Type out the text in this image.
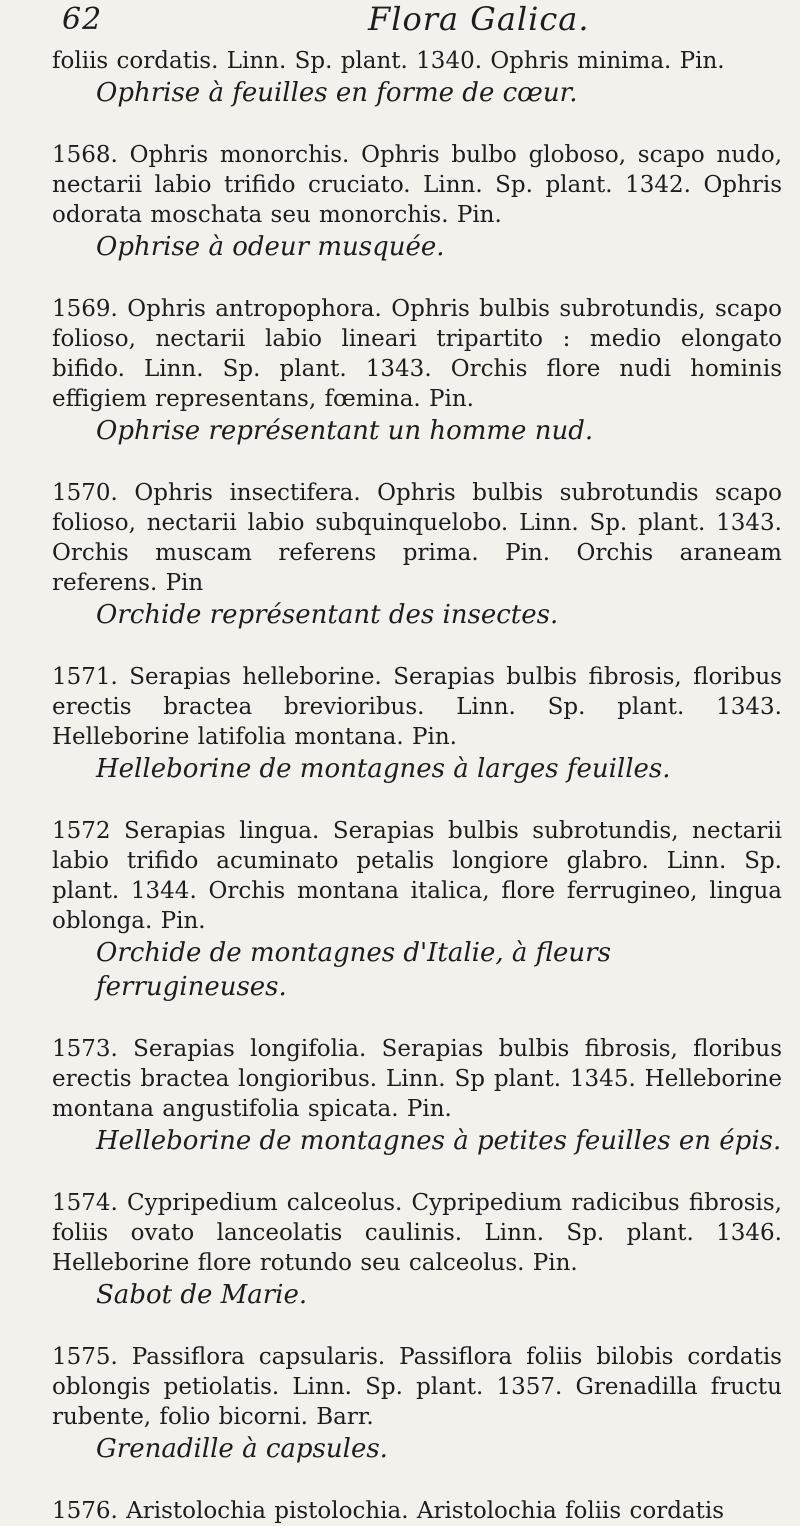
62	Flora Galica.

foliis cordatis. Linn. Sp. plant. 1340. Ophris minima. Pin.

Ophrise à feuilles en forme de cœur.

1568. Ophris monorchis. Ophris bulbo globoso, scapo nudo, nectarii labio trifido cruciato. Linn. Sp. plant. 1342. Ophris odorata moschata seu monorchis. Pin.

Ophrise à odeur musquée.

1569. Ophris antropophora. Ophris bulbis subrotundis, scapo folioso, nectarii labio lineari tripartito : medio elongato bifido. Linn. Sp. plant. 1343. Orchis flore nudi hominis effigiem representans, fœmina. Pin.

Ophrise représentant un homme nud.

1570. Ophris insectifera. Ophris bulbis subrotundis scapo folioso, nectarii labio subquinquelobo. Linn. Sp. plant. 1343. Orchis muscam referens prima. Pin. Orchis araneam referens. Pin

Orchide représentant des insectes.

1571. Serapias helleborine. Serapias bulbis fibrosis, floribus erectis bractea brevioribus. Linn. Sp. plant. 1343. Helleborine latifolia montana. Pin.

Helleborine de montagnes à larges feuilles.

1572 Serapias lingua. Serapias bulbis subrotundis, nectarii labio trifido acuminato petalis longiore glabro. Linn. Sp. plant. 1344. Orchis montana italica, flore ferrugineo, lingua oblonga. Pin.

Orchide de montagnes d'Italie, à fleurs ferrugineuses.

1573. Serapias longifolia. Serapias bulbis fibrosis, floribus erectis bractea longioribus. Linn. Sp plant. 1345. Helleborine montana angustifolia spicata. Pin.

Helleborine de montagnes à petites feuilles en épis.

1574. Cypripedium calceolus. Cypripedium radicibus fibrosis, foliis ovato lanceolatis caulinis. Linn. Sp. plant. 1346. Helleborine flore rotundo seu calceolus. Pin.

Sabot de Marie.

1575. Passiflora capsularis. Passiflora foliis bilobis cordatis oblongis petiolatis. Linn. Sp. plant. 1357. Grenadilla fructu rubente, folio bicorni. Barr.

Grenadille à capsules.

1576. Aristolochia pistolochia. Aristolochia foliis cordatis
